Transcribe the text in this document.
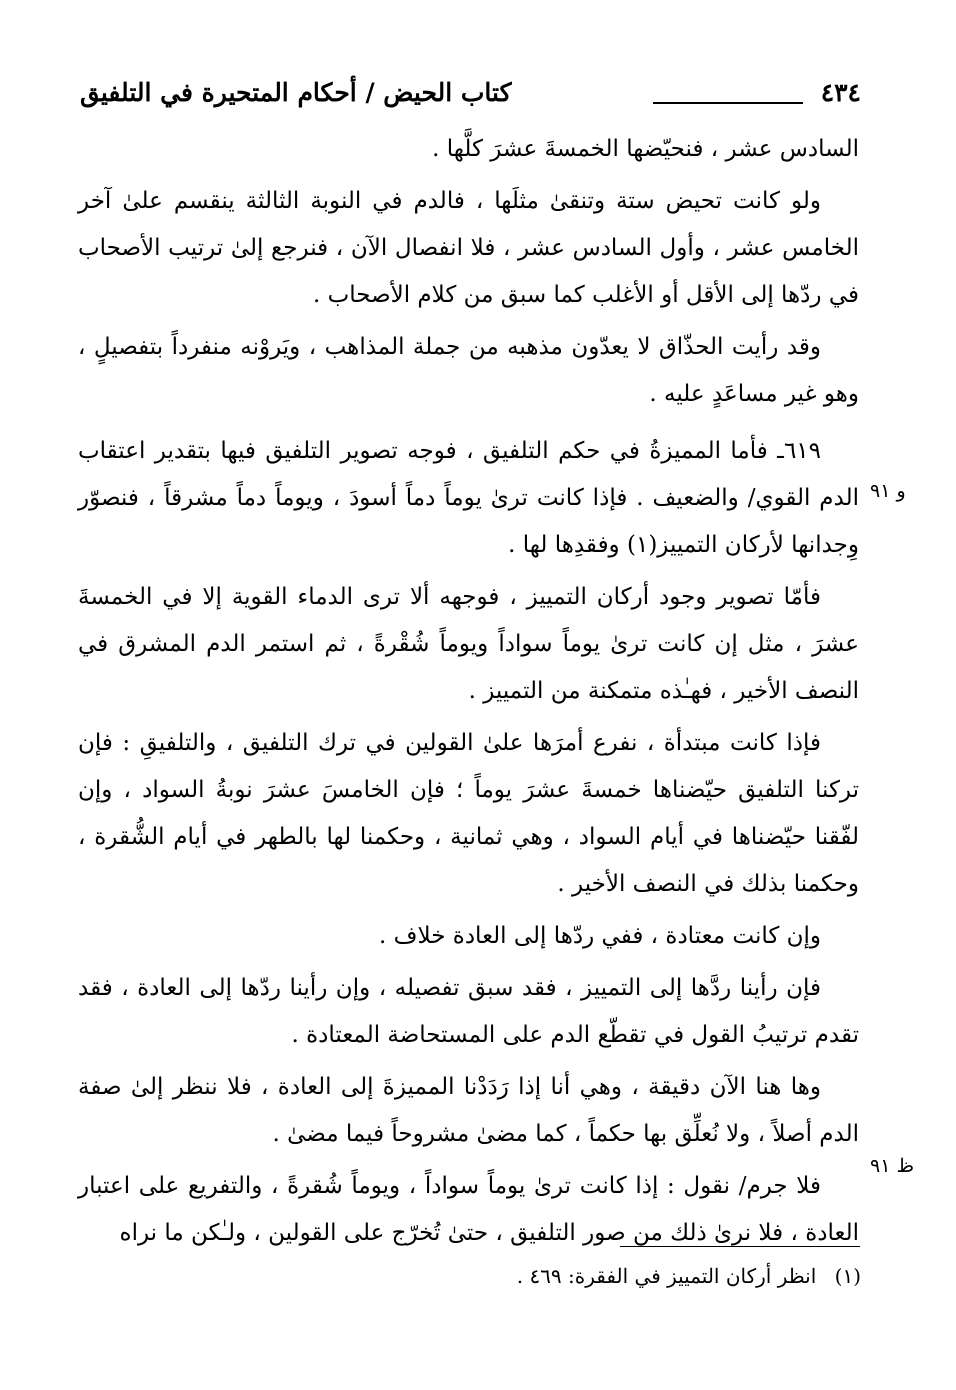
٤٣٤
كتاب الحيض / أحكام المتحيرة في التلفيق

السادس عشر ، فنحيّضها الخمسةَ عشرَ كلَّها .

ولو كانت تحيض ستة وتنقىٰ مثلَها ، فالدم في النوبة الثالثة ينقسم علىٰ آخر الخامس عشر ، وأول السادس عشر ، فلا انفصال الآن ، فنرجع إلىٰ ترتيب الأصحاب في ردّها إلى الأقل أو الأغلب كما سبق من كلام الأصحاب .

وقد رأيت الحذّاق لا يعدّون مذهبه من جملة المذاهب ، ويَروْنه منفرداً بتفصيلٍ ، وهو غير مساعَدٍ عليه .

٦١٩ـ فأما المميزةُ في حكم التلفيق ، فوجه تصوير التلفيق فيها بتقدير اعتقاب الدم القوي/ والضعيف . فإذا كانت ترىٰ يوماً دماً أسودَ ، ويوماً دماً مشرقاً ، فنصوّر وِجدانها لأركان التمييز(١) وفقدِها لها .

فأمّا تصوير وجود أركان التمييز ، فوجهه ألا ترى الدماء القوية إلا في الخمسةَ عشرَ ، مثل إن كانت ترىٰ يوماً سواداً ويوماً شُقْرةً ، ثم استمر الدم المشرق في النصف الأخير ، فهـٰذه متمكنة من التمييز .

فإذا كانت مبتدأة ، نفرع أمرَها علىٰ القولين في ترك التلفيق ، والتلفيقِ : فإن تركنا التلفيق حيّضناها خمسةَ عشرَ يوماً ؛ فإن الخامسَ عشرَ نوبةُ السواد ، وإن لفّقنا حيّضناها في أيام السواد ، وهي ثمانية ، وحكمنا لها بالطهر في أيام الشُّقرة ، وحكمنا بذلك في النصف الأخير .

وإن كانت معتادة ، ففي ردّها إلى العادة خلاف .

فإن رأينا ردَّها إلى التمييز ، فقد سبق تفصيله ، وإن رأينا ردّها إلى العادة ، فقد تقدم ترتيبُ القول في تقطّع الدم على المستحاضة المعتادة .

وها هنا الآن دقيقة ، وهي أنا إذا رَدَدْنا المميزةَ إلى العادة ، فلا ننظر إلىٰ صفة الدم أصلاً ، ولا نُعلِّق بها حكماً ، كما مضىٰ مشروحاً فيما مضىٰ .

فلا جرم/ نقول : إذا كانت ترىٰ يوماً سواداً ، ويوماً شُقرةً ، والتفريع على اعتبار العادة ، فلا نرىٰ ذلك من صور التلفيق ، حتىٰ تُخرّج على القولين ، ولـٰكن ما نراه

و ٩١
ظ ٩١
(١) انظر أركان التمييز في الفقرة: ٤٦٩ .
